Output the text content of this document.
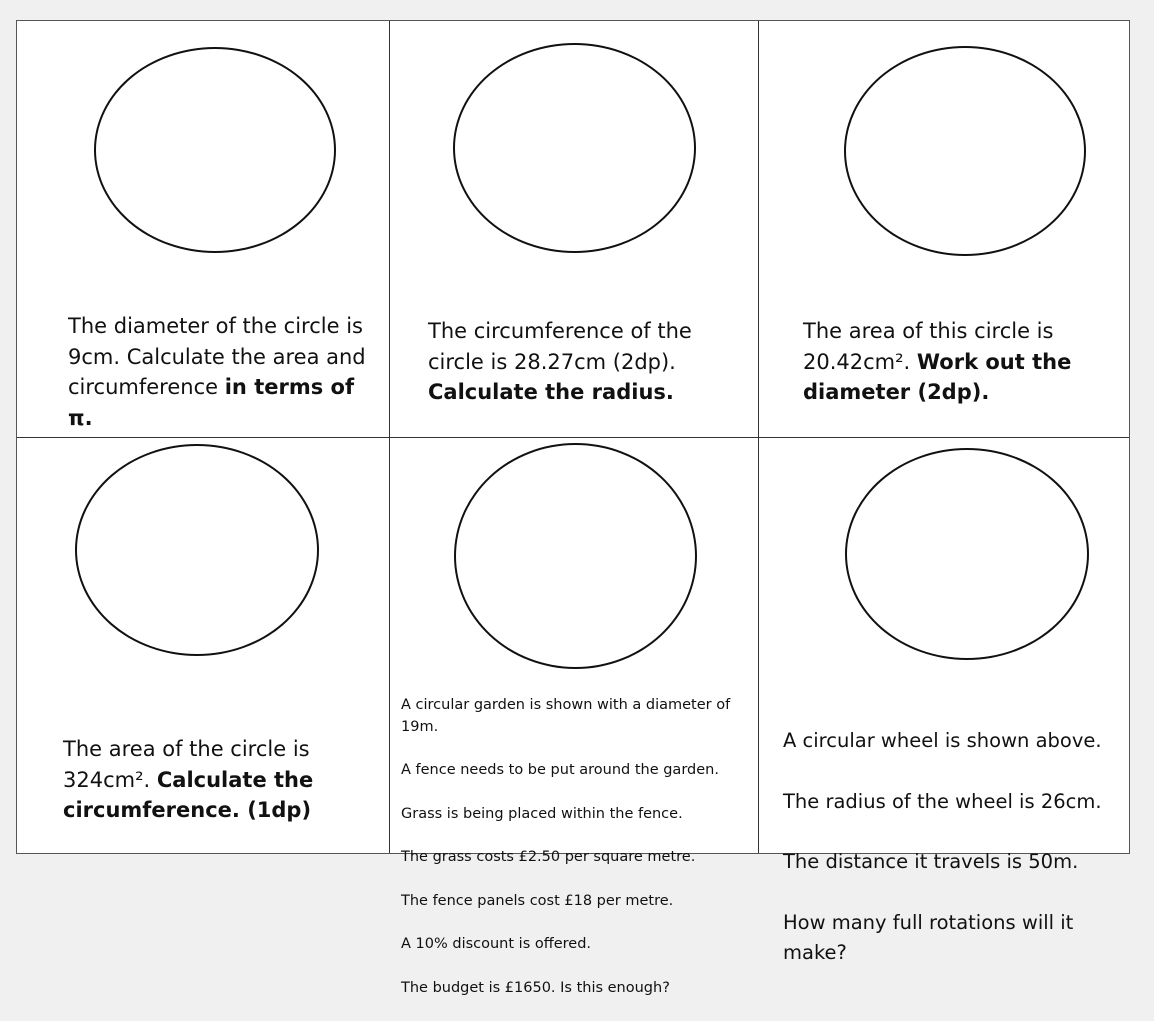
The diameter of the circle is 9cm. Calculate the area and circumference in terms of π.

The circumference of the circle is 28.27cm (2dp). Calculate the radius.

The area of this circle is 20.42cm². Work out the diameter (2dp).

The area of the circle is 324cm². Calculate the circumference. (1dp)

A circular garden is shown with a diameter of 19m.

A fence needs to be put around the garden.

Grass is being placed within the fence.

The grass costs £2.50 per square metre.

The fence panels cost £18 per metre.

A 10% discount is offered.

The budget is £1650. Is this enough?

A circular wheel is shown above.

The radius of the wheel is 26cm.

The distance it travels is 50m.

How many full rotations will it make?
